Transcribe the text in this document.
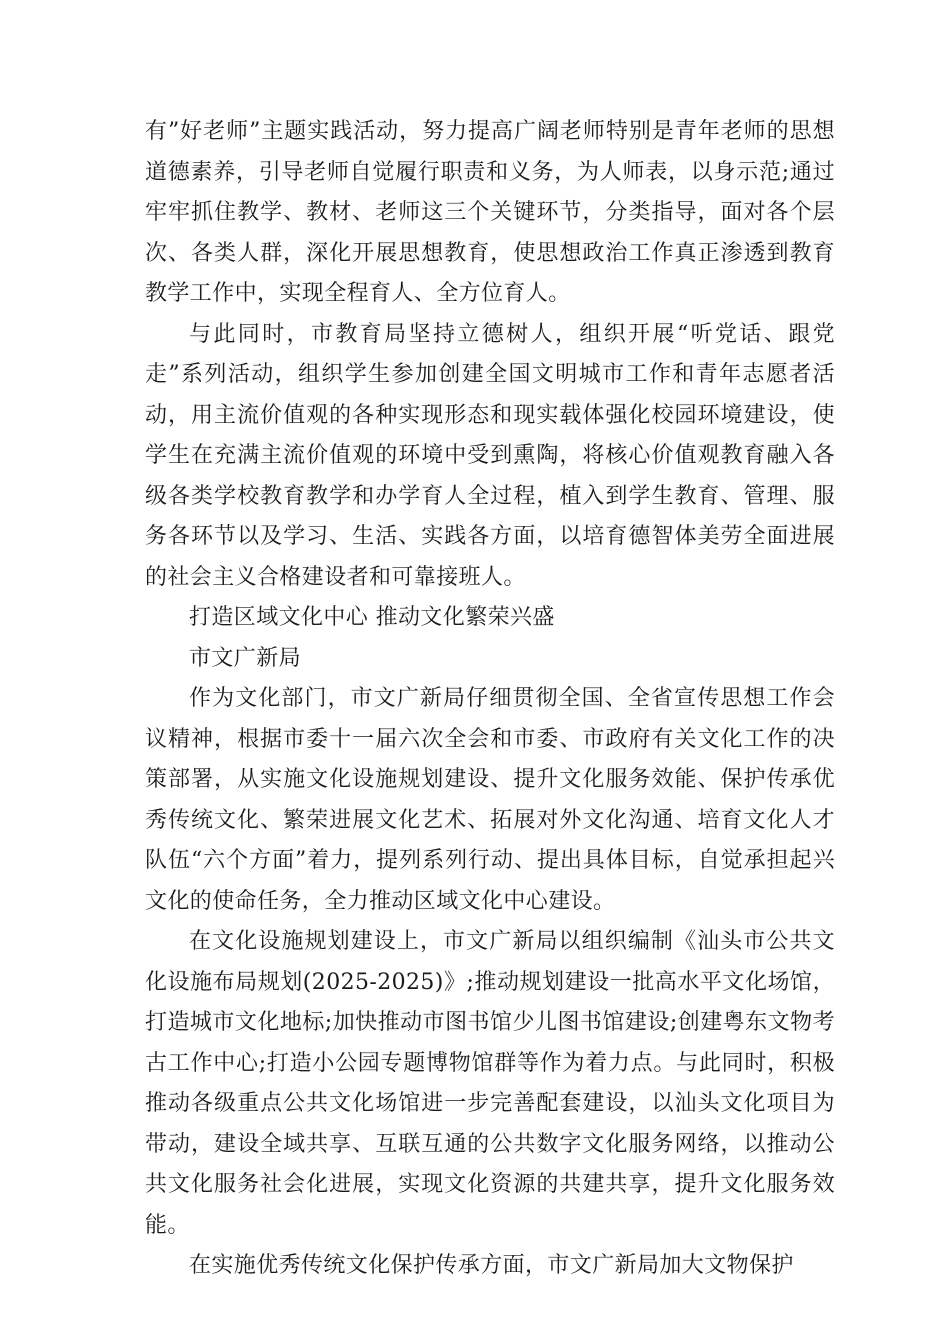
有”好老师”主题实践活动，努力提高广阔老师特别是青年老师的思想道德素养，引导老师自觉履行职责和义务，为人师表，以身示范;通过牢牢抓住教学、教材、老师这三个关键环节，分类指导，面对各个层次、各类人群，深化开展思想教育，使思想政治工作真正渗透到教育教学工作中，实现全程育人、全方位育人。

与此同时，市教育局坚持立德树人，组织开展“听党话、跟党走”系列活动，组织学生参加创建全国文明城市工作和青年志愿者活动，用主流价值观的各种实现形态和现实载体强化校园环境建设，使学生在充满主流价值观的环境中受到熏陶，将核心价值观教育融入各级各类学校教育教学和办学育人全过程，植入到学生教育、管理、服务各环节以及学习、生活、实践各方面，以培育德智体美劳全面进展的社会主义合格建设者和可靠接班人。

打造区域文化中心 推动文化繁荣兴盛

市文广新局

作为文化部门，市文广新局仔细贯彻全国、全省宣传思想工作会议精神，根据市委十一届六次全会和市委、市政府有关文化工作的决策部署，从实施文化设施规划建设、提升文化服务效能、保护传承优秀传统文化、繁荣进展文化艺术、拓展对外文化沟通、培育文化人才队伍“六个方面”着力，提列系列行动、提出具体目标，自觉承担起兴文化的使命任务，全力推动区域文化中心建设。

在文化设施规划建设上，市文广新局以组织编制《汕头市公共文化设施布局规划(2025-2025)》;推动规划建设一批高水平文化场馆，打造城市文化地标;加快推动市图书馆少儿图书馆建设;创建粤东文物考古工作中心;打造小公园专题博物馆群等作为着力点。与此同时，积极推动各级重点公共文化场馆进一步完善配套建设，以汕头文化项目为带动，建设全域共享、互联互通的公共数字文化服务网络，以推动公共文化服务社会化进展，实现文化资源的共建共享，提升文化服务效能。

在实施优秀传统文化保护传承方面，市文广新局加大文物保护
